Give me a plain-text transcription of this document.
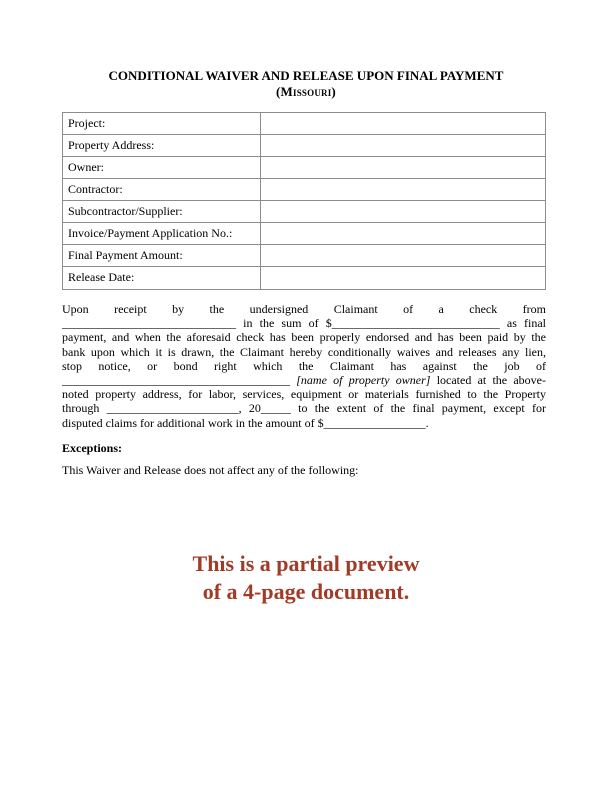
CONDITIONAL WAIVER AND RELEASE UPON FINAL PAYMENT
(Missouri)
Project:
Property Address:
Owner:
Contractor:
Subcontractor/Supplier:
Invoice/Payment Application No.:
Final Payment Amount:
Release Date:
Upon receipt by the undersigned Claimant of a check from
_____________________________ in the sum of $____________________________ as final
payment, and when the aforesaid check has been properly endorsed and has been paid by the
bank upon which it is drawn, the Claimant hereby conditionally waives and releases any lien,
stop notice, or bond right which the Claimant has against the job of
______________________________________ [name of property owner] located at the above-
noted property address, for labor, services, equipment or materials furnished to the Property
through ______________________, 20_____ to the extent of the final payment, except for
disputed claims for additional work in the amount of $_________________.
Exceptions:
This Waiver and Release does not affect any of the following:
This is a partial preview
of a 4-page document.
